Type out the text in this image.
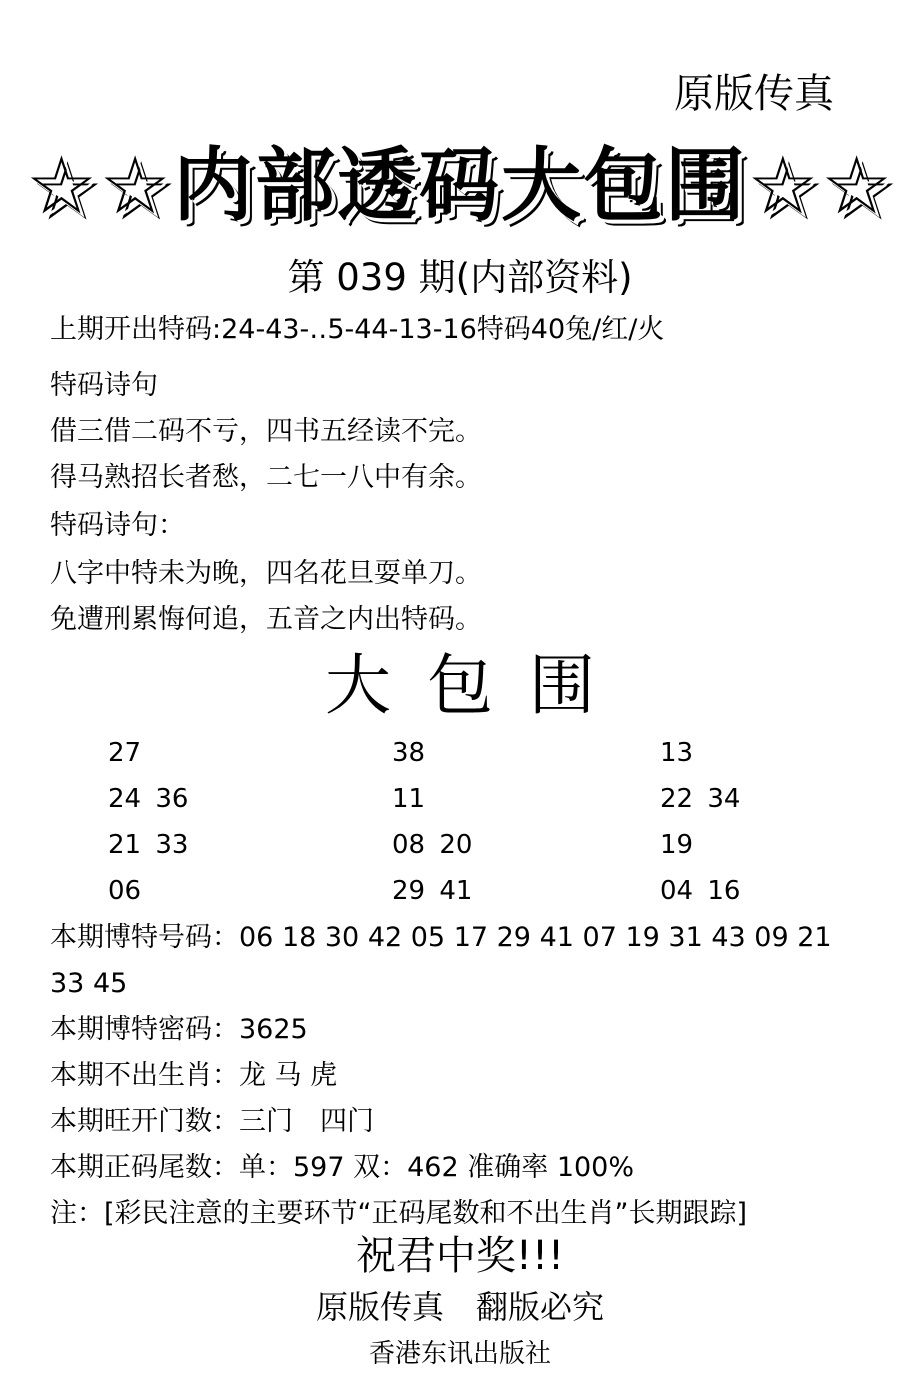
原版传真
☆☆内部透码大包围☆☆
第 039 期(内部资料)
上期开出特码:24-43-‥5-44-13-16特码40兔/红/火
特码诗句
借三借二码不亏，四书五经读不完。
得马熟招长者愁，二七一八中有余。
特码诗句：
八字中特未为晚，四名花旦耍单刀。
免遭刑累悔何追，五音之内出特码。
大包围
27	38	13
24 36	11	22 34
21 33	08 20	19
06	29 41	04 16
本期博特号码：06 18 30 42 05 17 29 41 07 19 31 43 09 21
33 45
本期博特密码：3625
本期不出生肖：龙 马 虎
本期旺开门数：三门　四门
本期正码尾数：单：597 双：462 准确率 100%
注：[彩民注意的主要环节“正码尾数和不出生肖”长期跟踪]
祝君中奖!!!
原版传真　翻版必究
香港东讯出版社
